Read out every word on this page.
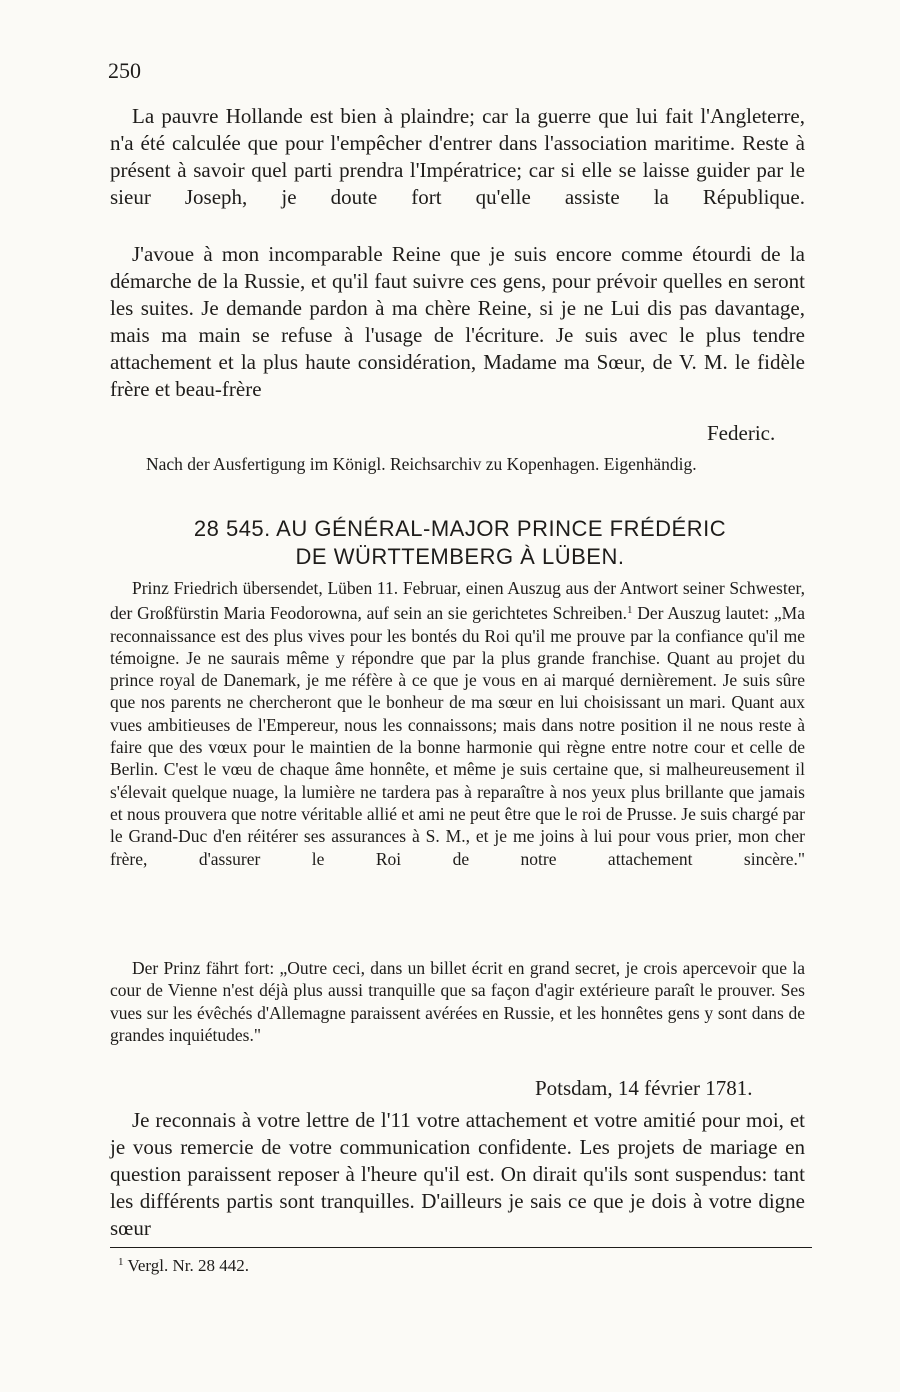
250

La pauvre Hollande est bien à plaindre; car la guerre que lui fait l'Angleterre, n'a été calculée que pour l'empêcher d'entrer dans l'association maritime. Reste à présent à savoir quel parti prendra l'Impératrice; car si elle se laisse guider par le sieur Joseph, je doute fort qu'elle assiste la République.

J'avoue à mon incomparable Reine que je suis encore comme étourdi de la démarche de la Russie, et qu'il faut suivre ces gens, pour prévoir quelles en seront les suites. Je demande pardon à ma chère Reine, si je ne Lui dis pas davantage, mais ma main se refuse à l'usage de l'écriture. Je suis avec le plus tendre attachement et la plus haute considération, Madame ma Sœur, de V. M. le fidèle frère et beau-frère

Federic.
Nach der Ausfertigung im Königl. Reichsarchiv zu Kopenhagen. Eigenhändig.
28 545. AU GÉNÉRAL-MAJOR PRINCE FRÉDÉRIC
DE WÜRTTEMBERG À LÜBEN.

Prinz Friedrich übersendet, Lüben 11. Februar, einen Auszug aus der Antwort seiner Schwester, der Großfürstin Maria Feodorowna, auf sein an sie gerichtetes Schreiben.$^1$ Der Auszug lautet: „Ma reconnaissance est des plus vives pour les bontés du Roi qu'il me prouve par la confiance qu'il me témoigne. Je ne saurais même y répondre que par la plus grande franchise. Quant au projet du prince royal de Danemark, je me réfère à ce que je vous en ai marqué dernièrement. Je suis sûre que nos parents ne chercheront que le bonheur de ma sœur en lui choisissant un mari. Quant aux vues ambitieuses de l'Empereur, nous les connaissons; mais dans notre position il ne nous reste à faire que des vœux pour le maintien de la bonne harmonie qui règne entre notre cour et celle de Berlin. C'est le vœu de chaque âme honnête, et même je suis certaine que, si malheureusement il s'élevait quelque nuage, la lumière ne tardera pas à reparaître à nos yeux plus brillante que jamais et nous prouvera que notre véritable allié et ami ne peut être que le roi de Prusse. Je suis chargé par le Grand-Duc d'en réitérer ses assurances à S. M., et je me joins à lui pour vous prier, mon cher frère, d'assurer le Roi de notre attachement sincère."

Der Prinz fährt fort: „Outre ceci, dans un billet écrit en grand secret, je crois apercevoir que la cour de Vienne n'est déjà plus aussi tranquille que sa façon d'agir extérieure paraît le prouver. Ses vues sur les évêchés d'Allemagne paraissent avérées en Russie, et les honnêtes gens y sont dans de grandes inquiétudes."

Potsdam, 14 février 1781.

Je reconnais à votre lettre de l'11 votre attachement et votre amitié pour moi, et je vous remercie de votre communication confidente. Les projets de mariage en question paraissent reposer à l'heure qu'il est. On dirait qu'ils sont suspendus: tant les différents partis sont tranquilles. D'ailleurs je sais ce que je dois à votre digne sœur

$^1$ Vergl. Nr. 28 442.
